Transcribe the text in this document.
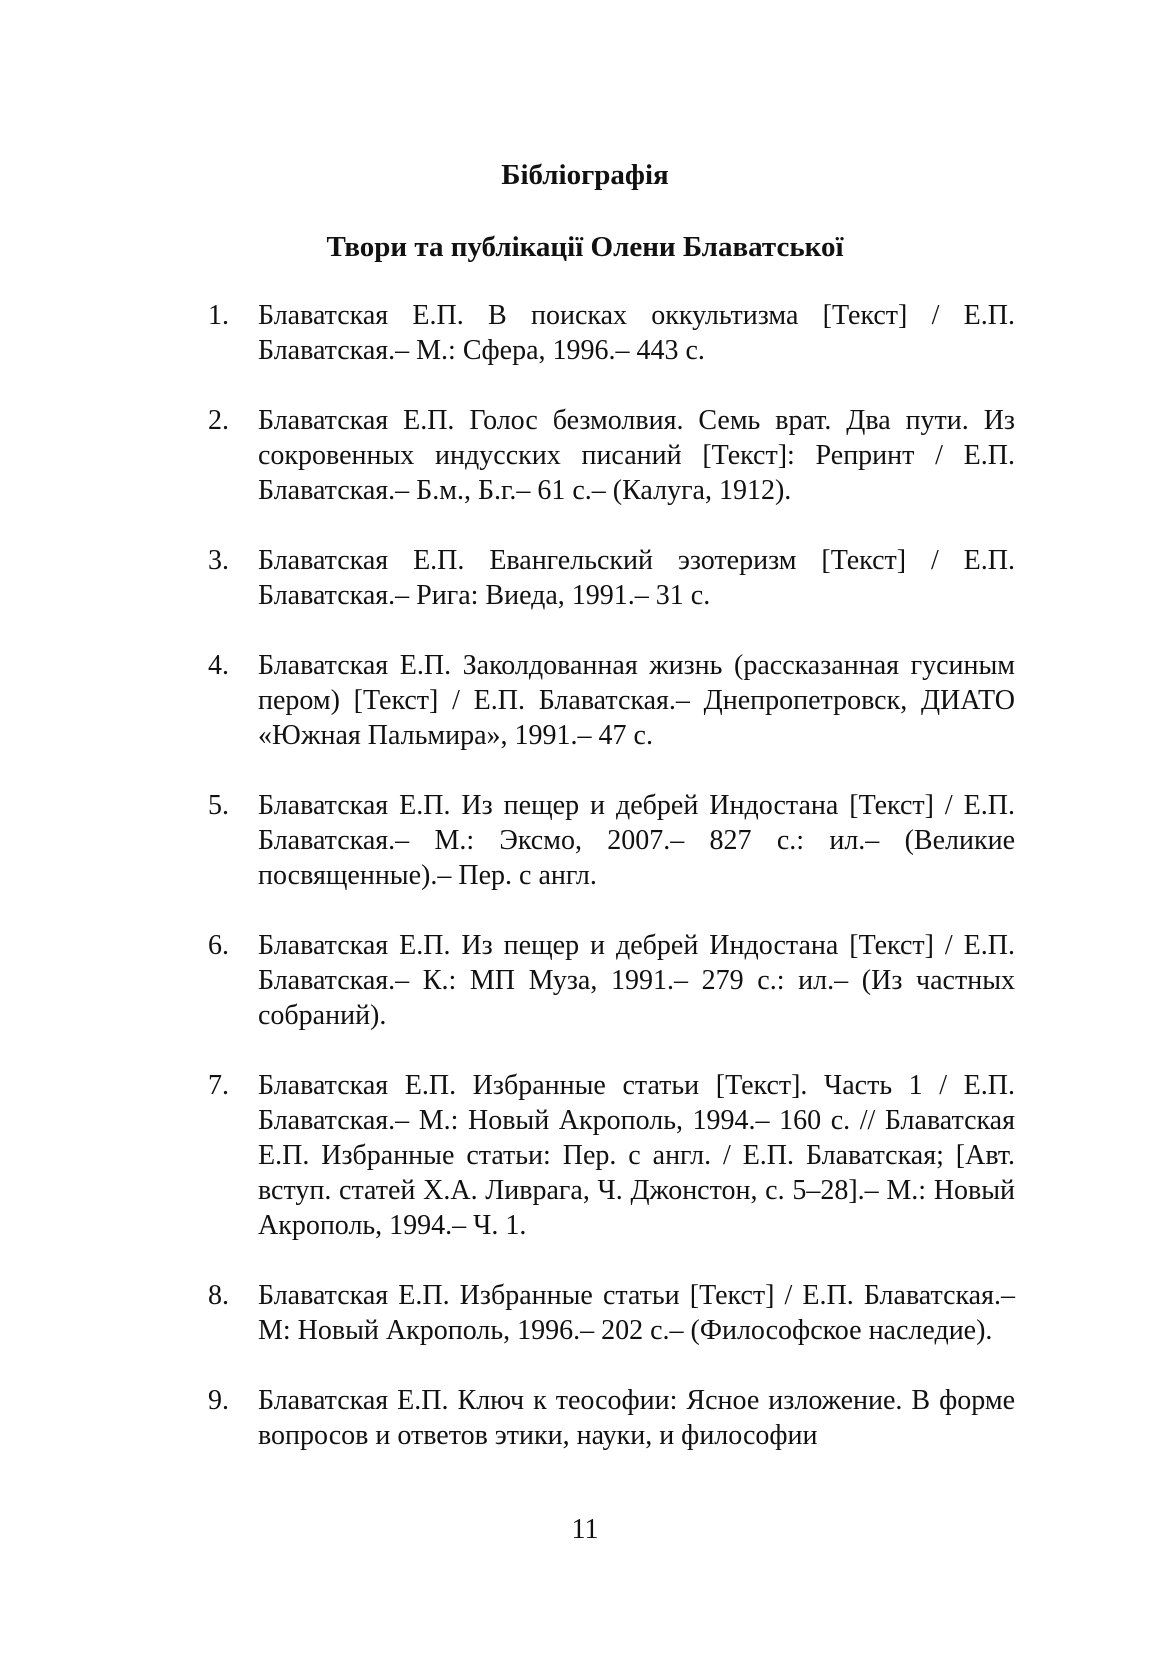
Бібліографія
Твори та публікації Олени Блаватської
1. Блаватская Е.П. В поисках оккультизма [Текст] / Е.П. Блаватская.– М.: Сфера, 1996.– 443 с.
2. Блаватская Е.П. Голос безмолвия. Семь врат. Два пути. Из сокровенных индусских писаний [Текст]: Репринт / Е.П. Блаватская.– Б.м., Б.г.– 61 с.– (Калуга, 1912).
3. Блаватская Е.П. Евангельский эзотеризм [Текст] / Е.П. Блаватская.– Рига: Виеда, 1991.– 31 с.
4. Блаватская Е.П. Заколдованная жизнь (рассказанная гусиным пером) [Текст] / Е.П. Блаватская.– Днепропетровск, ДИАТО «Южная Пальмира», 1991.– 47 с.
5. Блаватская Е.П. Из пещер и дебрей Индостана [Текст] / Е.П. Блаватская.– М.: Эксмо, 2007.– 827 с.: ил.– (Великие посвященные).– Пер. с англ.
6. Блаватская Е.П. Из пещер и дебрей Индостана [Текст] / Е.П. Блаватская.– К.: МП Муза, 1991.– 279 с.: ил.– (Из частных собраний).
7. Блаватская Е.П. Избранные статьи [Текст]. Часть 1 / Е.П. Блаватская.– М.: Новый Акрополь, 1994.– 160 с. // Блаватская Е.П. Избранные статьи: Пер. с англ. / Е.П. Блаватская; [Авт. вступ. статей Х.А. Ливрага, Ч. Джонстон, с. 5–28].– М.: Новый Акрополь, 1994.– Ч. 1.
8. Блаватская Е.П. Избранные статьи [Текст] / Е.П. Блаватская.– М: Новый Акрополь, 1996.– 202 с.– (Философское наследие).
9. Блаватская Е.П. Ключ к теософии: Ясное изложение. В форме вопросов и ответов этики, науки, и философии
11
